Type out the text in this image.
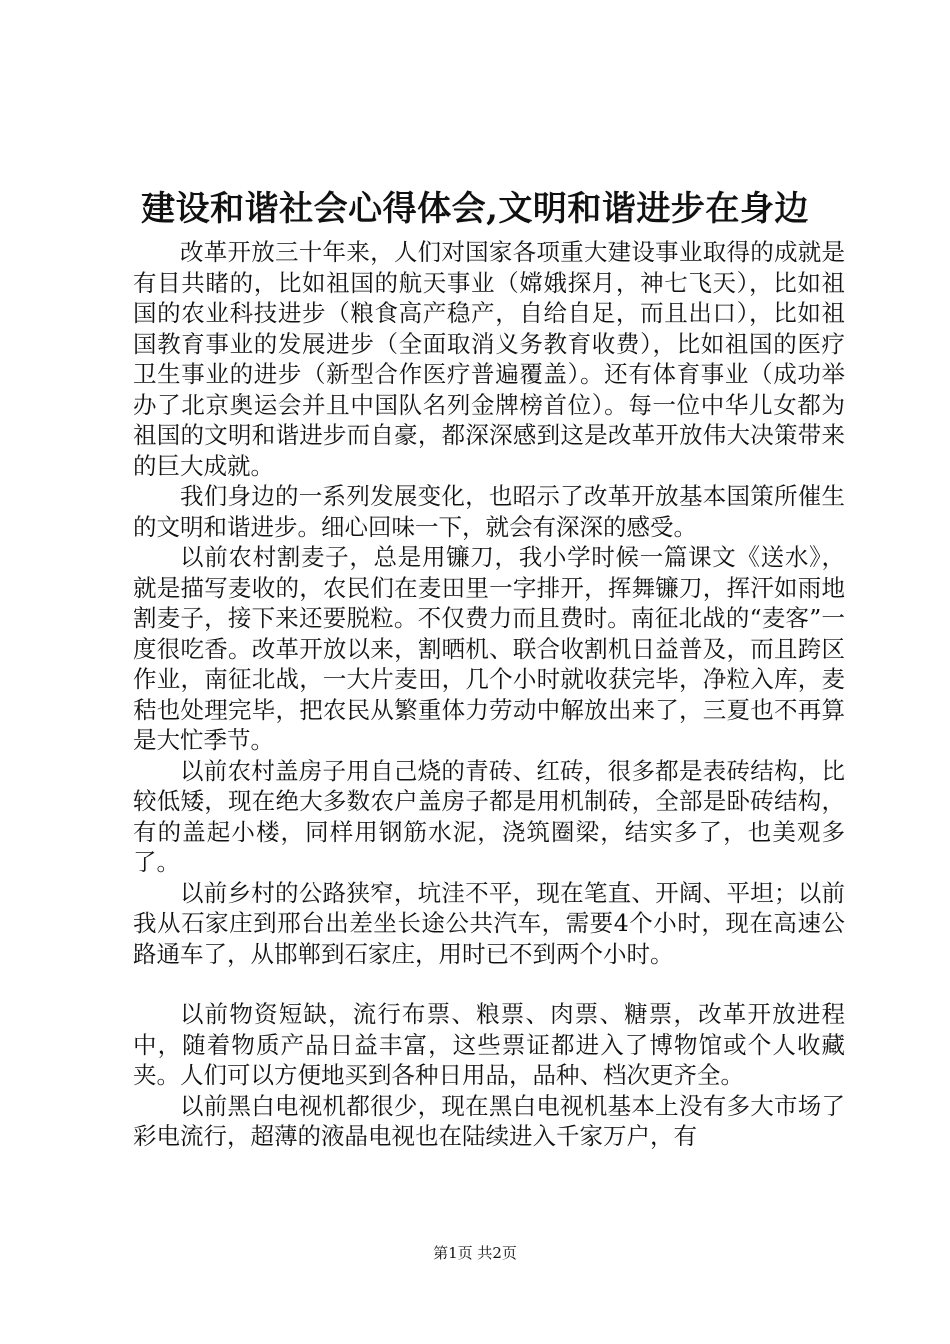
建设和谐社会心得体会,文明和谐进步在身边

改革开放三十年来，人们对国家各项重大建设事业取得的成就是有目共睹的，比如祖国的航天事业（嫦娥探月，神七飞天），比如祖国的农业科技进步（粮食高产稳产，自给自足，而且出口），比如祖国教育事业的发展进步（全面取消义务教育收费），比如祖国的医疗卫生事业的进步（新型合作医疗普遍覆盖）。还有体育事业（成功举办了北京奥运会并且中国队名列金牌榜首位）。每一位中华儿女都为祖国的文明和谐进步而自豪，都深深感到这是改革开放伟大决策带来的巨大成就。

我们身边的一系列发展变化，也昭示了改革开放基本国策所催生的文明和谐进步。细心回味一下，就会有深深的感受。

以前农村割麦子，总是用镰刀，我小学时候一篇课文《送水》，就是描写麦收的，农民们在麦田里一字排开，挥舞镰刀，挥汗如雨地割麦子，接下来还要脱粒。不仅费力而且费时。南征北战的“麦客”一度很吃香。改革开放以来，割晒机、联合收割机日益普及，而且跨区作业，南征北战，一大片麦田，几个小时就收获完毕，净粒入库，麦秸也处理完毕，把农民从繁重体力劳动中解放出来了，三夏也不再算是大忙季节。

以前农村盖房子用自己烧的青砖、红砖，很多都是表砖结构，比较低矮，现在绝大多数农户盖房子都是用机制砖，全部是卧砖结构，有的盖起小楼，同样用钢筋水泥，浇筑圈梁，结实多了，也美观多了。

以前乡村的公路狭窄，坑洼不平，现在笔直、开阔、平坦；以前我从石家庄到邢台出差坐长途公共汽车，需要4个小时，现在高速公路通车了，从邯郸到石家庄，用时已不到两个小时。

以前物资短缺，流行布票、粮票、肉票、糖票，改革开放进程中，随着物质产品日益丰富，这些票证都进入了博物馆或个人收藏夹。人们可以方便地买到各种日用品，品种、档次更齐全。

以前黑白电视机都很少，现在黑白电视机基本上没有多大市场了彩电流行，超薄的液晶电视也在陆续进入千家万户，有

第1页 共2页
